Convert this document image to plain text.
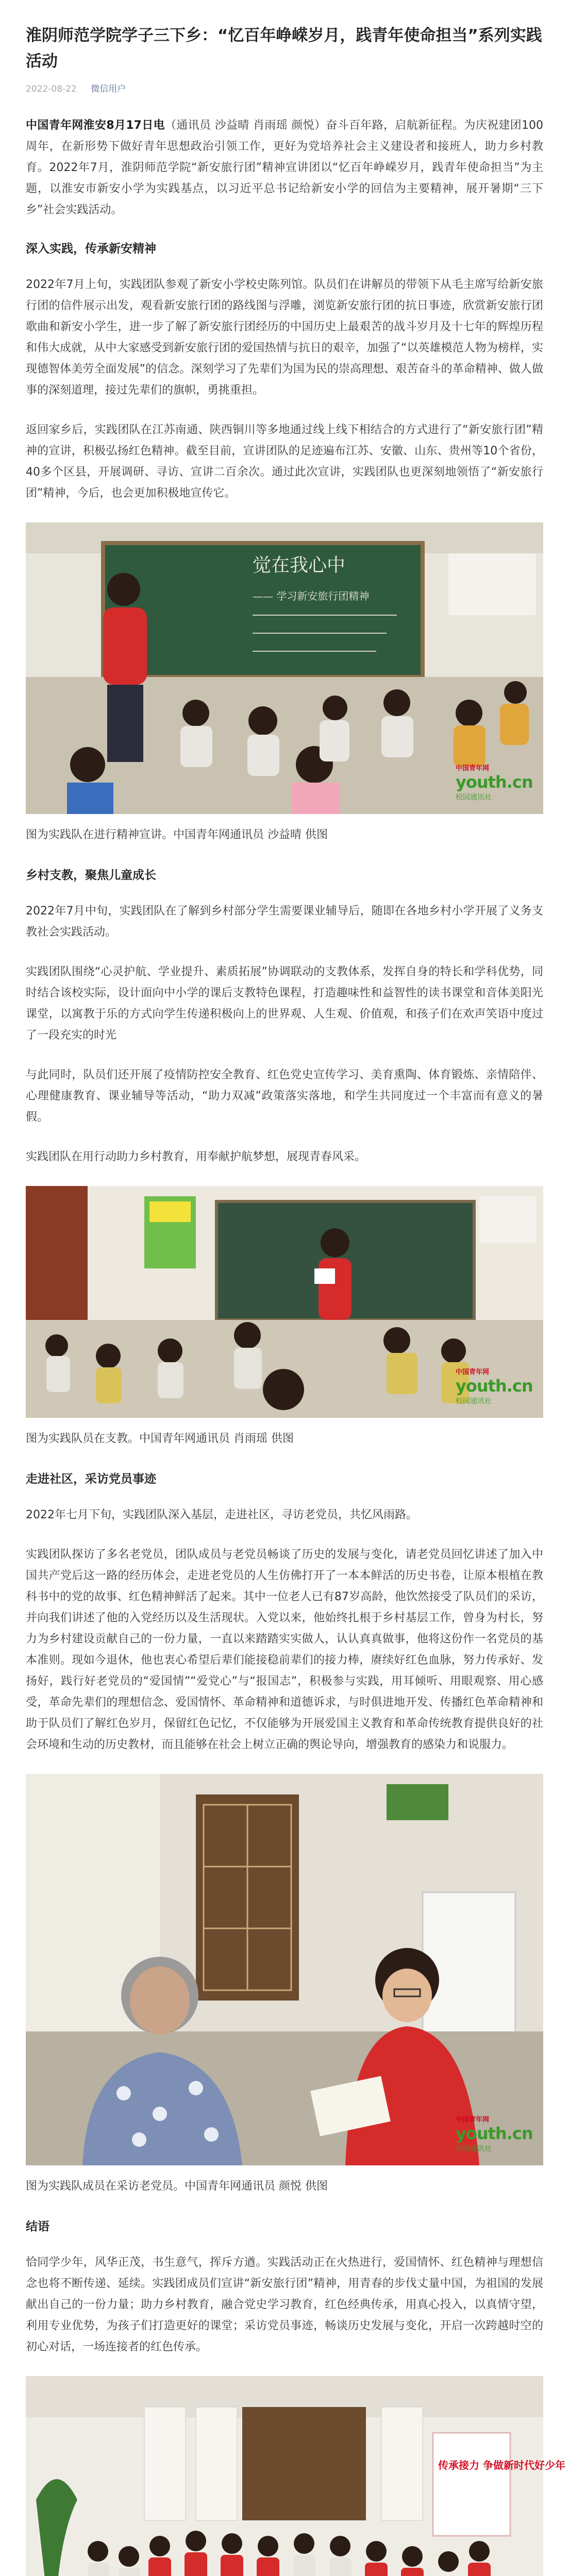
淮阴师范学院学子三下乡：“忆百年峥嵘岁月，践青年使命担当”系列实践活动
2022-08-22 微信用户

中国青年网淮安8月17日电（通讯员 沙益晴 肖雨瑶 颜悦）奋斗百年路，启航新征程。为庆祝建团100周年，在新形势下做好青年思想政治引领工作，更好为党培养社会主义建设者和接班人，助力乡村教育。2022年7月，淮阴师范学院“新安旅行团”精神宣讲团以“忆百年峥嵘岁月，践青年使命担当”为主题，以淮安市新安小学为实践基点，以习近平总书记给新安小学的回信为主要精神，展开暑期“三下乡”社会实践活动。

深入实践，传承新安精神

2022年7月上旬，实践团队参观了新安小学校史陈列馆。队员们在讲解员的带领下从毛主席写给新安旅行团的信件展示出发，观看新安旅行团的路线图与浮雕，浏览新安旅行团的抗日事迹，欣赏新安旅行团歌曲和新安小学生，进一步了解了新安旅行团经历的中国历史上最艰苦的战斗岁月及十七年的辉煌历程和伟大成就，从中大家感受到新安旅行团的爱国热情与抗日的艰辛，加强了“以英雄模范人物为榜样，实现德智体美劳全面发展”的信念。深刻学习了先辈们为国为民的崇高理想、艰苦奋斗的革命精神、做人做事的深刻道理，接过先辈们的旗帜，勇挑重担。

返回家乡后，实践团队在江苏南通、陕西铜川等多地通过线上线下相结合的方式进行了“新安旅行团”精神的宣讲，积极弘扬红色精神。截至目前，宣讲团队的足迹遍布江苏、安徽、山东、贵州等10个省份，40多个区县，开展调研、寻访、宣讲二百余次。通过此次宣讲，实践团队也更深刻地领悟了“新安旅行团”精神，今后，也会更加积极地宣传它。

觉在我心中
—— 学习新安旅行团精神
中国青年网
youth.cn
校园通讯社
图为实践队在进行精神宣讲。中国青年网通讯员 沙益晴 供图
乡村支教，聚焦儿童成长

2022年7月中旬，实践团队在了解到乡村部分学生需要课业辅导后，随即在各地乡村小学开展了义务支教社会实践活动。

实践团队围绕“心灵护航、学业提升、素质拓展”协调联动的支教体系，发挥自身的特长和学科优势，同时结合该校实际，设计面向中小学的课后支教特色课程，打造趣味性和益智性的读书课堂和音体美阳光课堂，以寓教于乐的方式向学生传递积极向上的世界观、人生观、价值观，和孩子们在欢声笑语中度过了一段充实的时光

与此同时，队员们还开展了疫情防控安全教育、红色党史宣传学习、美育熏陶、体育锻炼、亲情陪伴、心理健康教育、课业辅导等活动，“助力双减”政策落实落地，和学生共同度过一个丰富而有意义的暑假。

实践团队在用行动助力乡村教育，用奉献护航梦想，展现青春风采。

中国青年网
youth.cn
校园通讯社
图为实践队员在支教。中国青年网通讯员 肖雨瑶 供图
走进社区，采访党员事迹

2022年七月下旬，实践团队深入基层，走进社区，寻访老党员，共忆风雨路。

实践团队探访了多名老党员，团队成员与老党员畅谈了历史的发展与变化，请老党员回忆讲述了加入中国共产党后这一路的经历体会，走进老党员的人生仿佛打开了一本本鲜活的历史书卷，让原本根植在教科书中的党的故事、红色精神鲜活了起来。其中一位老人已有87岁高龄，他饮然接受了队员们的采访，并向我们讲述了他的入党经历以及生活现状。入党以来，他始终扎根于乡村基层工作，曾身为村长，努力为乡村建设贡献自己的一份力量，一直以来踏踏实实做人，认认真真做事，他将这份作一名党员的基本准则。现如今退休，他也衷心希望后辈们能接稳前辈们的接力棒，赓续好红色血脉，努力传承好、发扬好，践行好老党员的“爱国情”“爱党心”与“报国志”，积极参与实践，用耳倾听、用眼观察、用心感受，革命先辈们的理想信念、爱国情怀、革命精神和道德诉求，与时俱进地开发、传播红色革命精神和助于队员们了解红色岁月，保留红色记忆，不仅能够为开展爱国主义教育和革命传统教育提供良好的社会环境和生动的历史教材，而且能够在社会上树立正确的舆论导向，增强教育的感染力和说服力。

中国青年网
youth.cn
校园通讯社
图为实践队成员在采访老党员。中国青年网通讯员 颜悦 供图
结语

恰同学少年，风华正茂，书生意气，挥斥方遒。实践活动正在火热进行，爱国情怀、红色精神与理想信念也将不断传递、延续。实践团成员们宣讲“新安旅行团”精神，用青春的步伐丈量中国，为祖国的发展献出自己的一份力量；助力乡村教育，融合党史学习教育，红色经典传承，用真心投入，以真情守望，利用专业优势，为孩子们打造更好的课堂；采访党员事迹，畅谈历史发展与变化，开启一次跨越时空的初心对话，一场连接者的红色传承。

传承接力 争做新时代好少年
